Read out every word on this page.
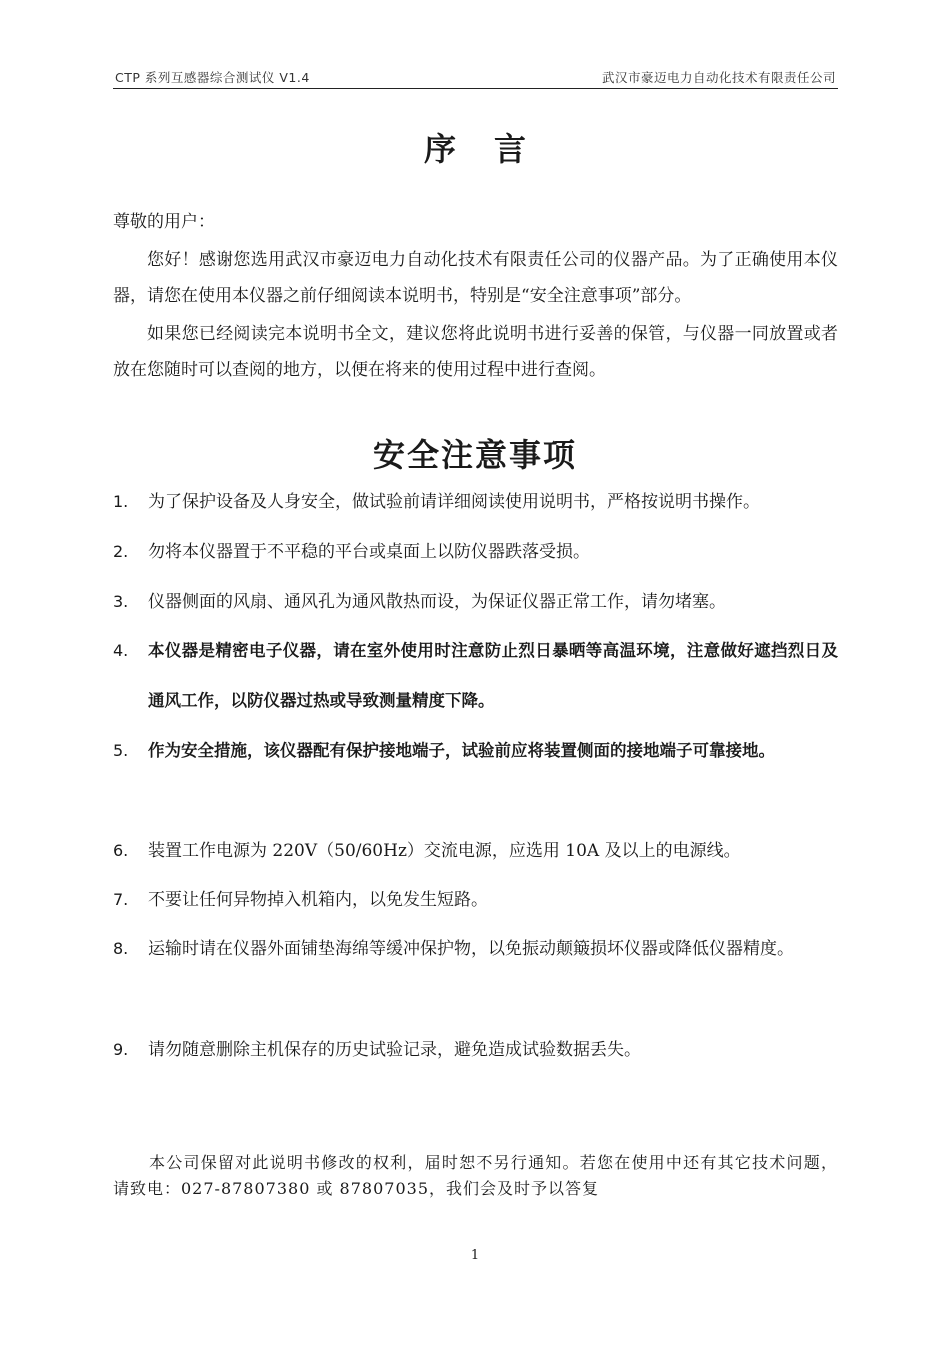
CTP 系列互感器综合测试仪 V1.4	武汉市豪迈电力自动化技术有限责任公司
序言
尊敬的用户：
您好！感谢您选用武汉市豪迈电力自动化技术有限责任公司的仪器产品。为了正确使用本仪器，请您在使用本仪器之前仔细阅读本说明书，特别是“安全注意事项”部分。
如果您已经阅读完本说明书全文，建议您将此说明书进行妥善的保管，与仪器一同放置或者放在您随时可以查阅的地方，以便在将来的使用过程中进行查阅。
安全注意事项
1.	为了保护设备及人身安全，做试验前请详细阅读使用说明书，严格按说明书操作。
2.	勿将本仪器置于不平稳的平台或桌面上以防仪器跌落受损。
3.	仪器侧面的风扇、通风孔为通风散热而设，为保证仪器正常工作，请勿堵塞。
4.	本仪器是精密电子仪器，请在室外使用时注意防止烈日暴晒等高温环境，注意做好遮挡烈日及通风工作，以防仪器过热或导致测量精度下降。
5.	作为安全措施，该仪器配有保护接地端子，试验前应将装置侧面的接地端子可靠接地。
6.	装置工作电源为 220V（50/60Hz）交流电源，应选用 10A 及以上的电源线。
7.	不要让任何异物掉入机箱内，以免发生短路。
8.	运输时请在仪器外面铺垫海绵等缓冲保护物，以免振动颠簸损坏仪器或降低仪器精度。
9.	请勿随意删除主机保存的历史试验记录，避免造成试验数据丢失。
本公司保留对此说明书修改的权利，届时恕不另行通知。若您在使用中还有其它技术问题，请致电：027-87807380 或 87807035，我们会及时予以答复
1
